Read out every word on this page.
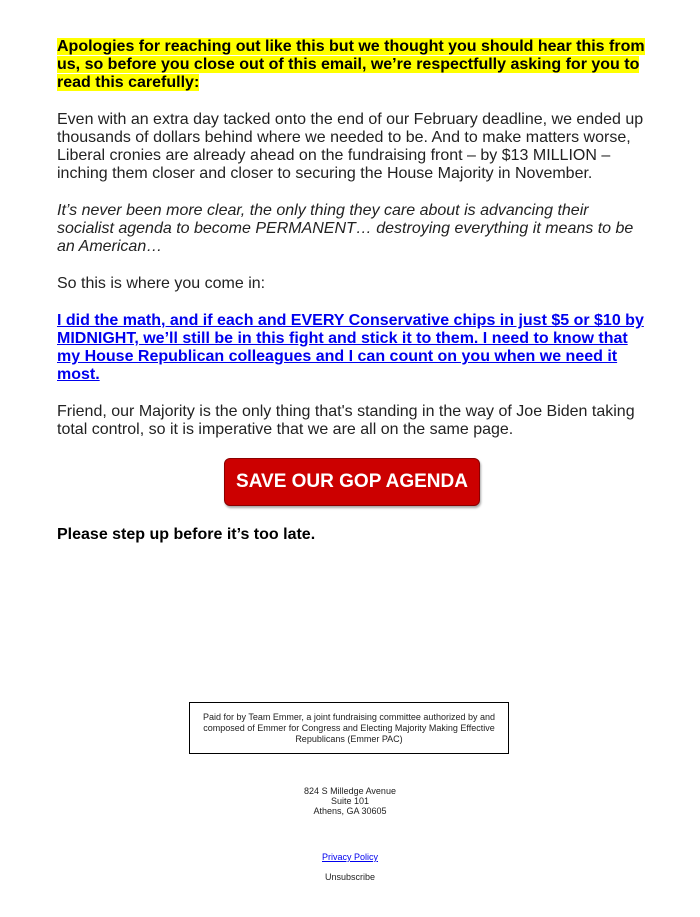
Apologies for reaching out like this but we thought you should hear this from us, so before you close out of this email, we’re respectfully asking for you to read this carefully:

Even with an extra day tacked onto the end of our February deadline, we ended up thousands of dollars behind where we needed to be. And to make matters worse, Liberal cronies are already ahead on the fundraising front – by $13 MILLION – inching them closer and closer to securing the House Majority in November.

It’s never been more clear, the only thing they care about is advancing their socialist agenda to become PERMANENT… destroying everything it means to be an American…

So this is where you come in:

I did the math, and if each and EVERY Conservative chips in just $5 or $10 by MIDNIGHT, we’ll still be in this fight and stick it to them. I need to know that my House Republican colleagues and I can count on you when we need it most.

Friend, our Majority is the only thing that's standing in the way of Joe Biden taking total control, so it is imperative that we are all on the same page.

SAVE OUR GOP AGENDA

Please step up before it’s too late.

Paid for by Team Emmer, a joint fundraising committee authorized by and composed of Emmer for Congress and Electing Majority Making Effective Republicans (Emmer PAC)
824 S Milledge Avenue
Suite 101
Athens, GA 30605
Privacy Policy
Unsubscribe
